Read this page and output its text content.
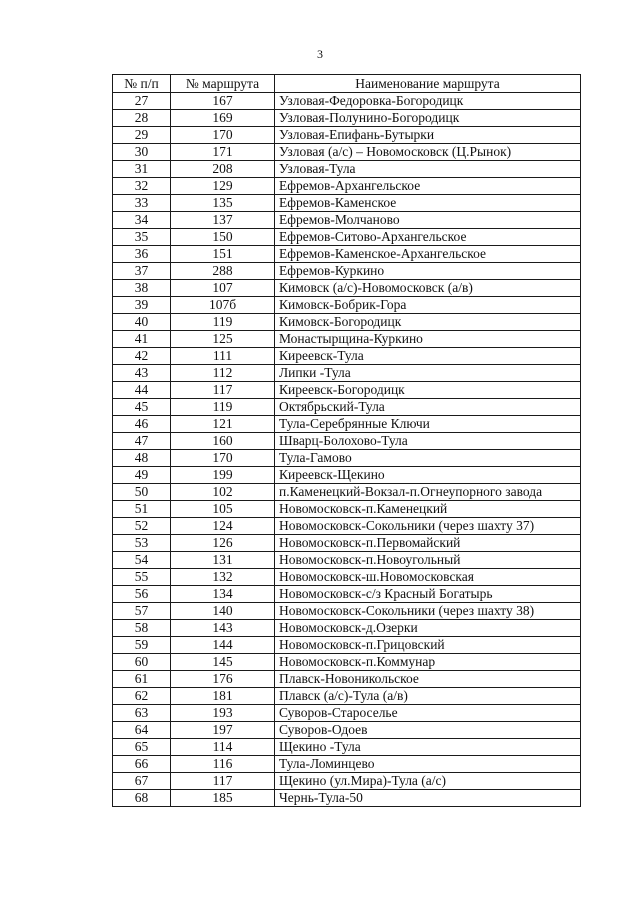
3
№ п/п	№ маршрута	Наименование маршрута
27	167	Узловая-Федоровка-Богородицк
28	169	Узловая-Полунино-Богородицк
29	170	Узловая-Епифань-Бутырки
30	171	Узловая (а/с) – Новомосковск (Ц.Рынок)
31	208	Узловая-Тула
32	129	Ефремов-Архангельское
33	135	Ефремов-Каменское
34	137	Ефремов-Молчаново
35	150	Ефремов-Ситово-Архангельское
36	151	Ефремов-Каменское-Архангельское
37	288	Ефремов-Куркино
38	107	Кимовск (а/с)-Новомосковск (а/в)
39	107б	Кимовск-Бобрик-Гора
40	119	Кимовск-Богородицк
41	125	Монастырщина-Куркино
42	111	Киреевск-Тула
43	112	Липки -Тула
44	117	Киреевск-Богородицк
45	119	Октябрьский-Тула
46	121	Тула-Серебрянные Ключи
47	160	Шварц-Болохово-Тула
48	170	Тула-Гамово
49	199	Киреевск-Щекино
50	102	п.Каменецкий-Вокзал-п.Огнеупорного завода
51	105	Новомосковск-п.Каменецкий
52	124	Новомосковск-Сокольники (через шахту 37)
53	126	Новомосковск-п.Первомайский
54	131	Новомосковск-п.Новоугольный
55	132	Новомосковск-ш.Новомосковская
56	134	Новомосковск-с/з Красный Богатырь
57	140	Новомосковск-Сокольники (через шахту 38)
58	143	Новомосковск-д.Озерки
59	144	Новомосковск-п.Грицовский
60	145	Новомосковск-п.Коммунар
61	176	Плавск-Новоникольское
62	181	Плавск (а/с)-Тула (а/в)
63	193	Суворов-Староселье
64	197	Суворов-Одоев
65	114	Щекино -Тула
66	116	Тула-Ломинцево
67	117	Щекино (ул.Мира)-Тула (а/с)
68	185	Чернь-Тула-50
